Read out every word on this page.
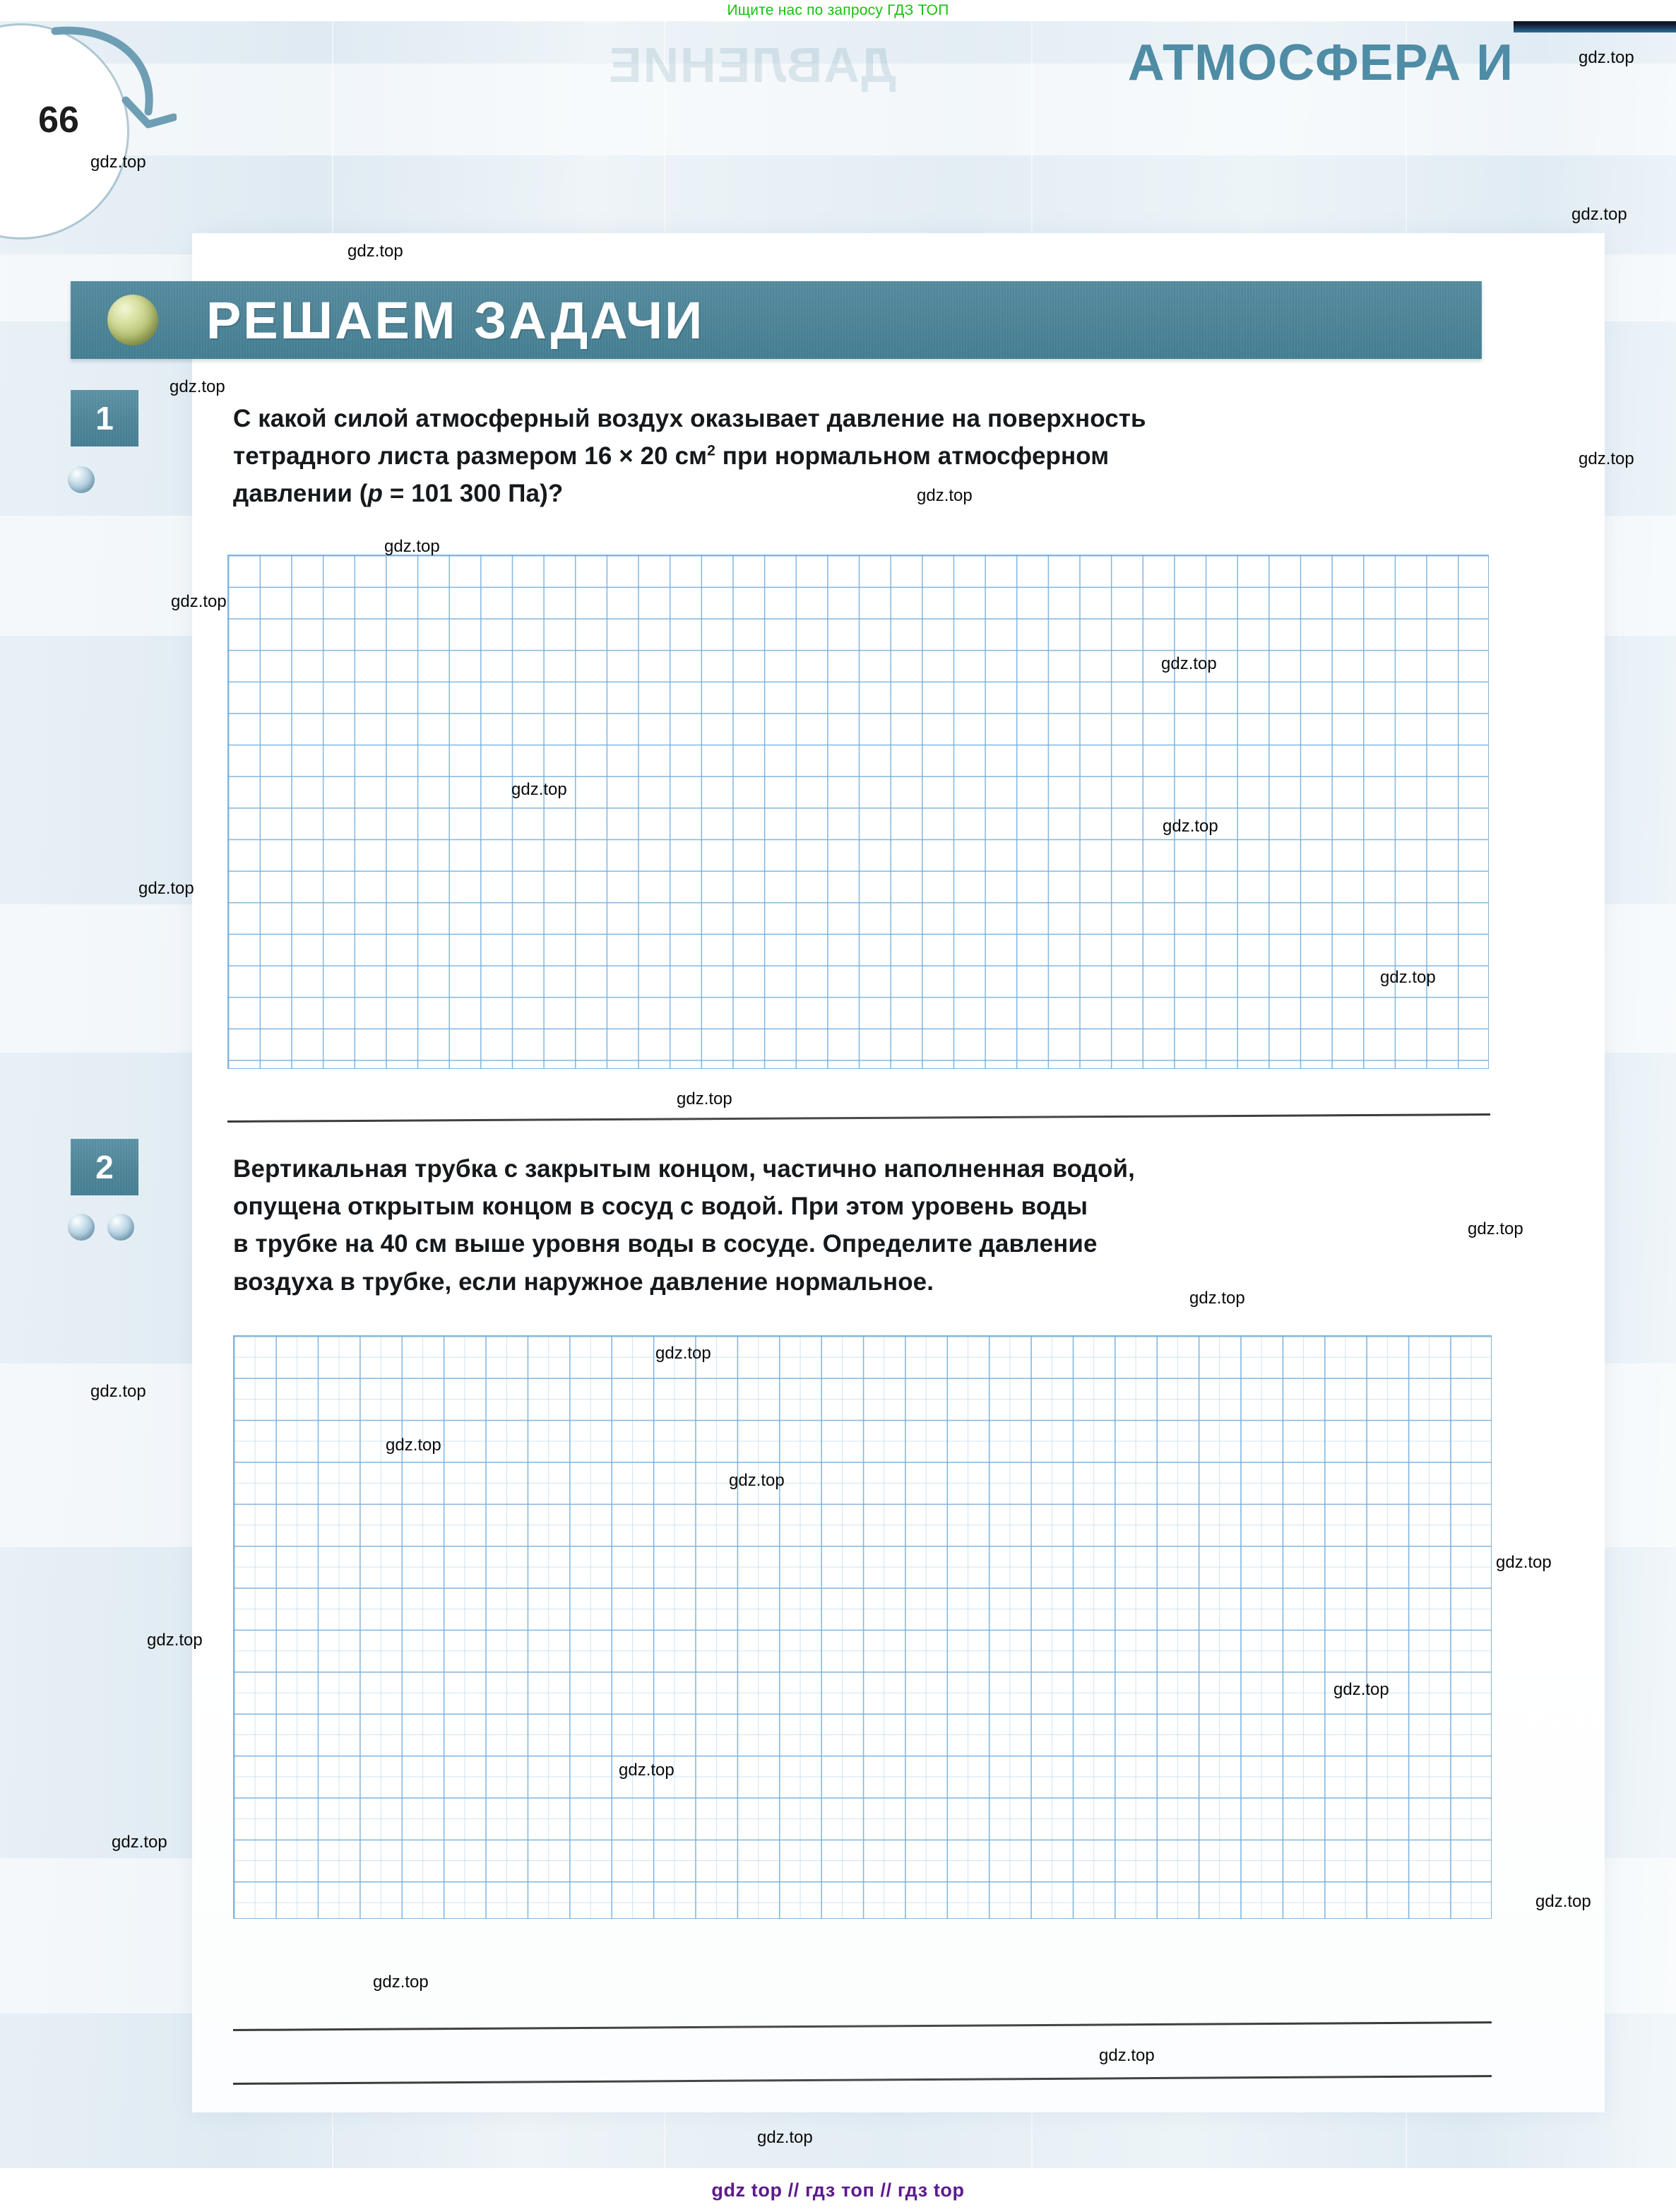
Ищите нас по запросу ГДЗ ТОП
66
ДАВЛЕНИЕ	АТМОСФЕРА И
РЕШАЕМ ЗАДАЧИ
1	С какой силой атмосферный воздух оказывает давление на поверхность
тетрадного листа размером 16 × 20 $см^2$ при нормальном атмосферном
давлении (p = 101 300 Па)?
2	Вертикальная трубка с закрытым концом, частично наполненная водой,
опущена открытым концом в сосуд с водой. При этом уровень воды
в трубке на 40 см выше уровня воды в сосуде. Определите давление
воздуха в трубке, если наружное давление нормальное.
gdz.top
gdz.top
gdz.top
gdz.top
gdz.top
gdz.top
gdz.top
gdz.top
gdz.top
gdz.top
gdz.top
gdz.top
gdz.top
gdz.top
gdz.top
gdz.top
gdz.top
gdz.top
gdz.top
gdz.top
gdz.top
gdz.top
gdz.top
gdz.top
gdz.top
gdz.top
gdz.top
gdz.top
gdz.top
gdz.top
gdz top // гдз топ // гдз top
